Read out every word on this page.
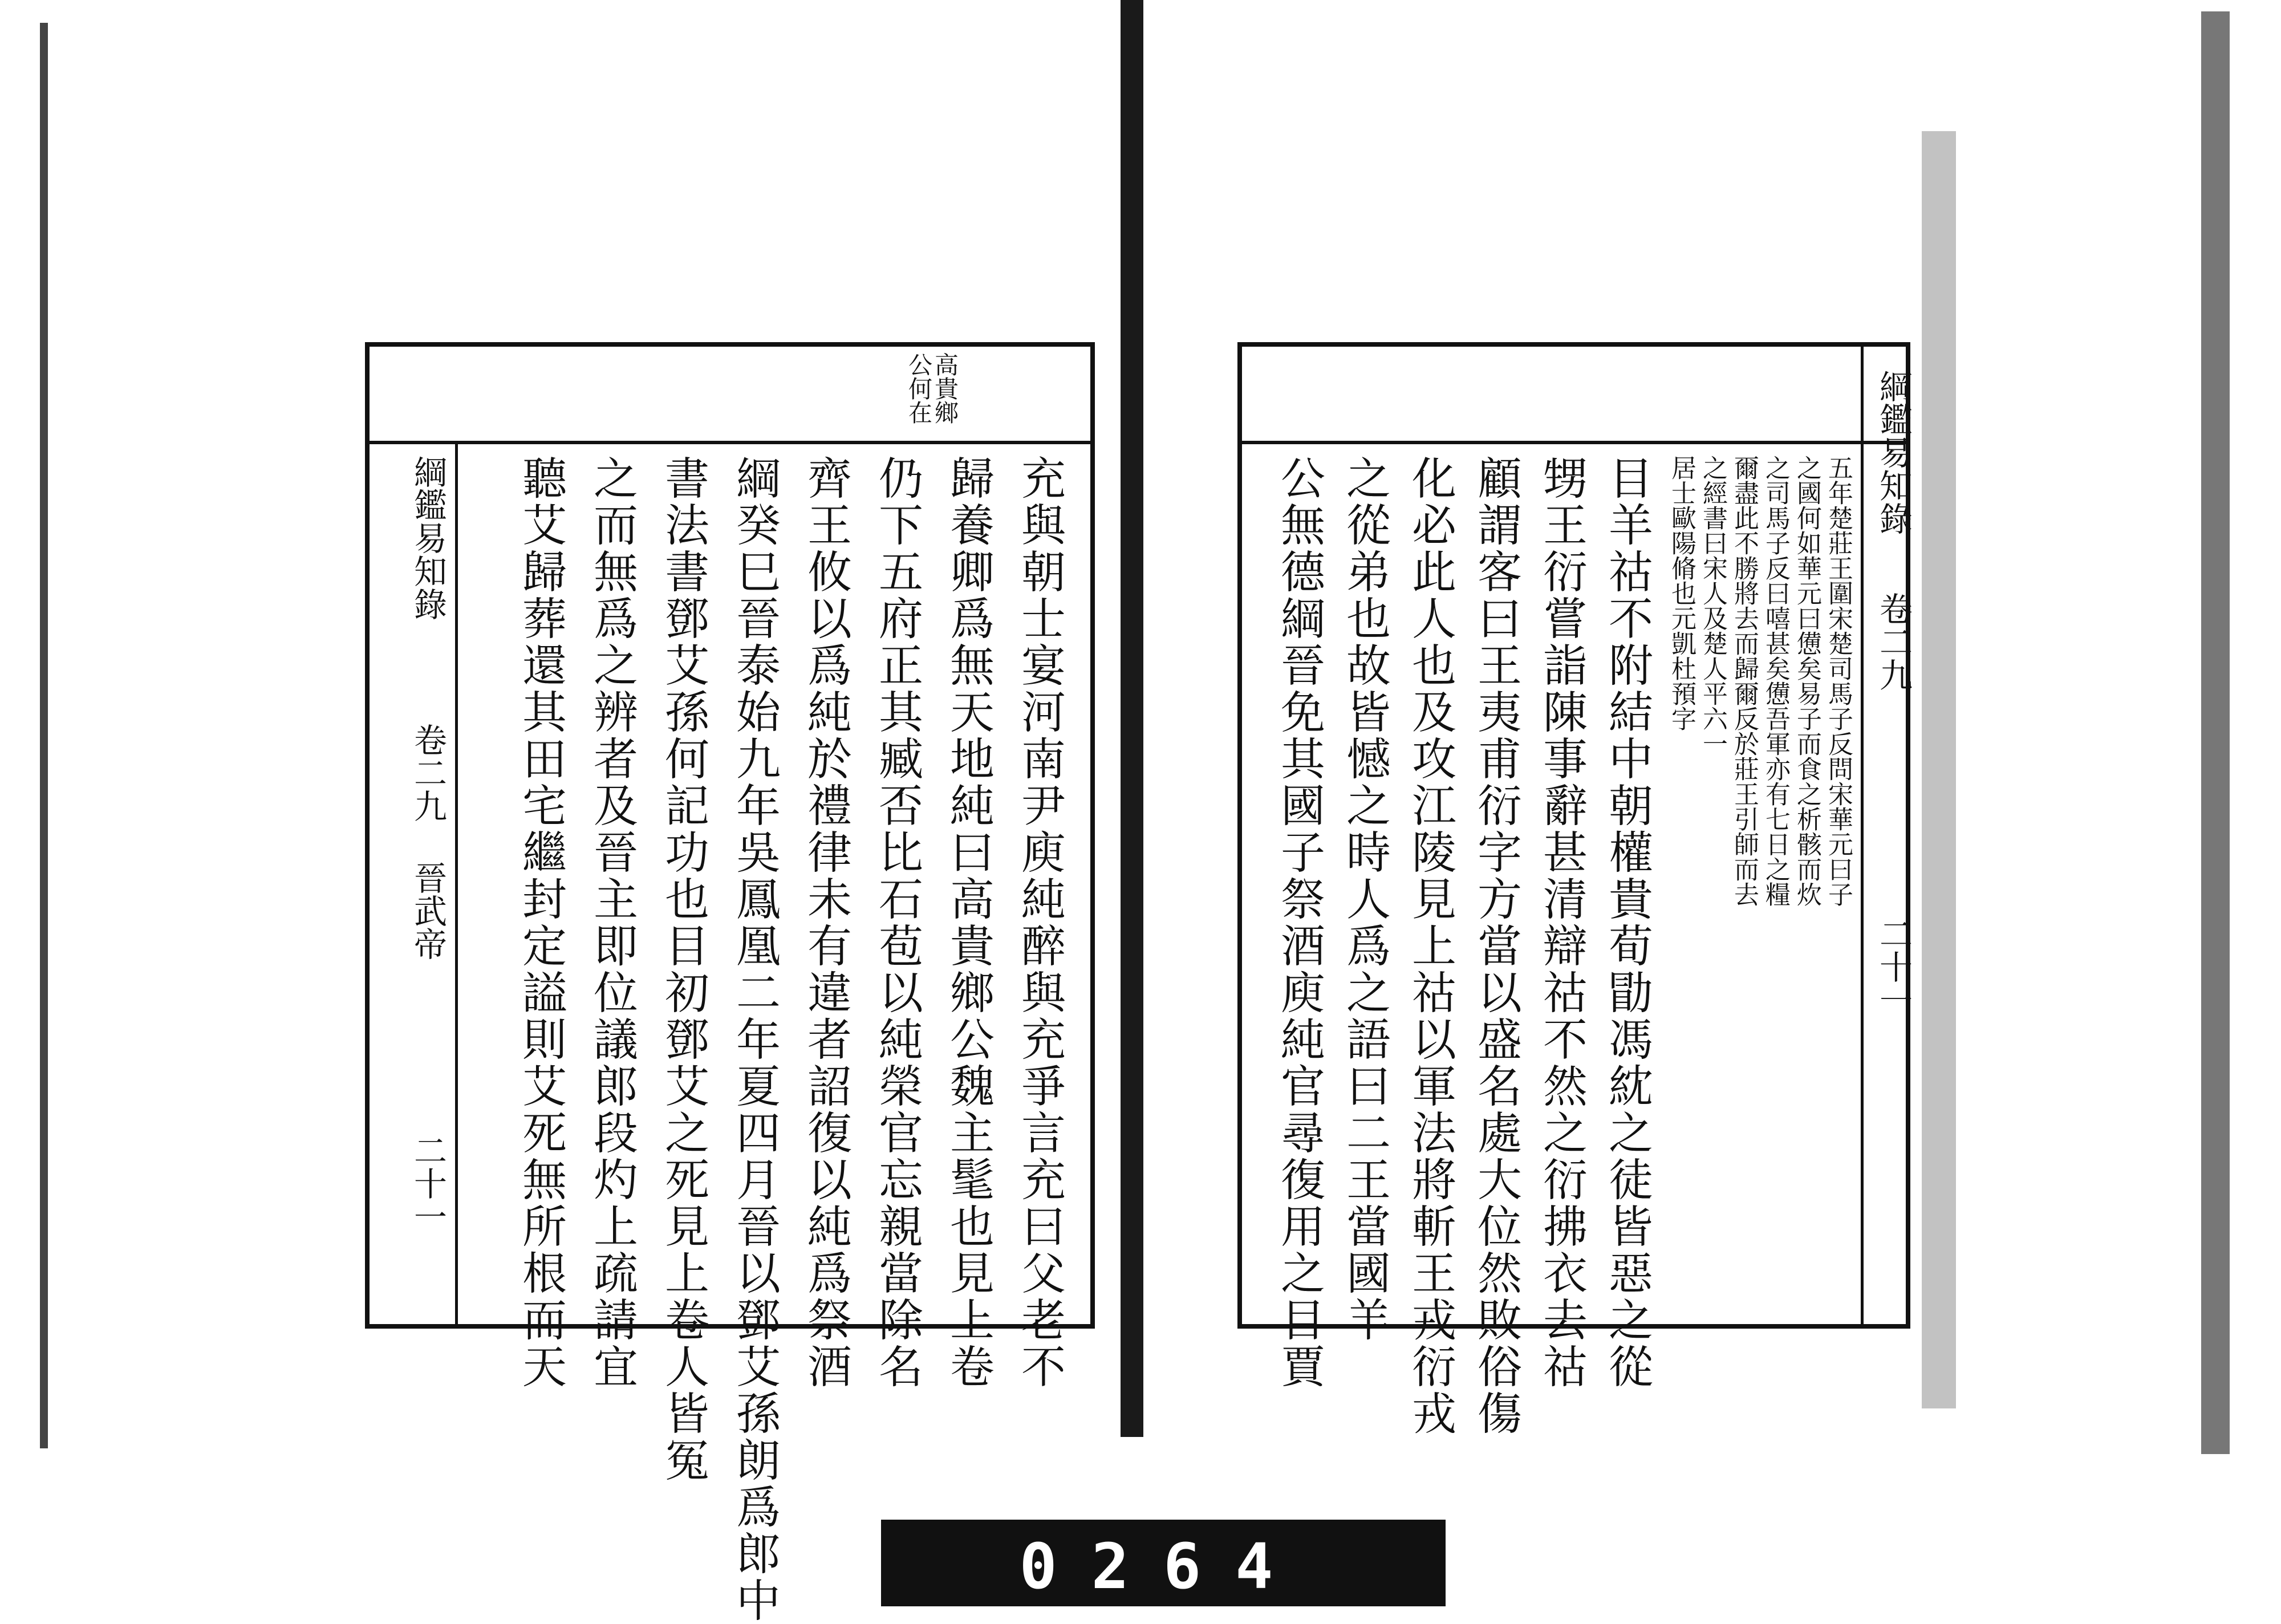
高貴鄉公何在
充與朝士宴河南尹庾純醉與充爭言充曰父老不
歸養卿爲無天地純曰高貴鄉公魏主髦也見上卷
仍下五府正其臧否比石苞以純榮官忘親當除名
齊王攸以爲純於禮律未有違者詔復以純爲祭酒
綱癸巳晉泰始九年吳鳳凰二年夏四月晉以鄧艾孫朗爲郎中
書法書鄧艾孫何記功也目初鄧艾之死見上卷人皆冤
之而無爲之辨者及晉主即位議郎段灼上疏請宜
聽艾歸葬還其田宅繼封定謚則艾死無所根而天
綱鑑易知錄
卷二九 晉武帝
二十一
綱鑑易知錄
卷二九
二十一
五年楚莊王圍宋楚司馬子反問宋華元曰子
之國何如華元曰憊矣易子而食之析骸而炊
之司馬子反曰嘻甚矣憊吾軍亦有七日之糧
爾盡此不勝將去而歸爾反於莊王引師而去
之經書曰宋人及楚人平六一
居士歐陽脩也元凱杜預字
目羊祜不附結中朝權貴荀勖馮紞之徒皆惡之從
甥王衍嘗詣陳事辭甚清辯祜不然之衍拂衣去祜
顧謂客曰王夷甫衍字方當以盛名處大位然敗俗傷
化必此人也及攻江陵見上祜以軍法將斬王戎衍戎
之從弟也故皆憾之時人爲之語曰二王當國羊
公無德綱晉免其國子祭酒庾純官尋復用之目賈
0264
